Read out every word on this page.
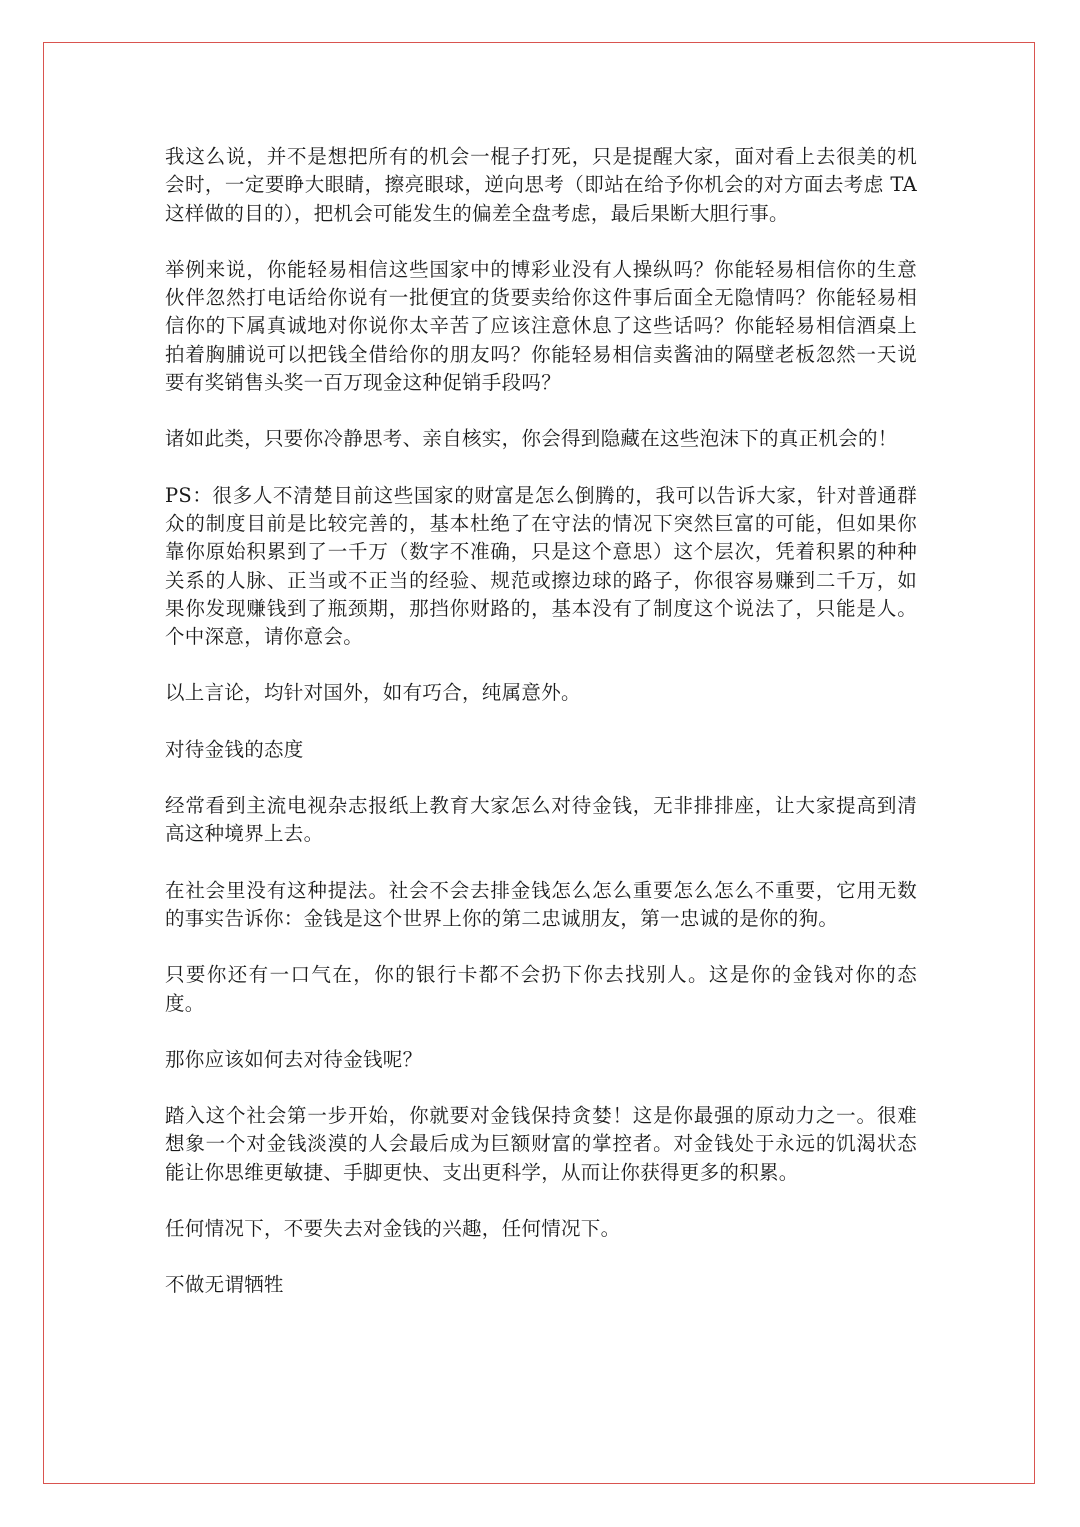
我这么说，并不是想把所有的机会一棍子打死，只是提醒大家，面对看上去很美的机会时，一定要睁大眼睛，擦亮眼球，逆向思考（即站在给予你机会的对方面去考虑 TA 这样做的目的），把机会可能发生的偏差全盘考虑，最后果断大胆行事。

举例来说，你能轻易相信这些国家中的博彩业没有人操纵吗？你能轻易相信你的生意伙伴忽然打电话给你说有一批便宜的货要卖给你这件事后面全无隐情吗？你能轻易相信你的下属真诚地对你说你太辛苦了应该注意休息了这些话吗？你能轻易相信酒桌上拍着胸脯说可以把钱全借给你的朋友吗？你能轻易相信卖酱油的隔壁老板忽然一天说要有奖销售头奖一百万现金这种促销手段吗？

诸如此类，只要你冷静思考、亲自核实，你会得到隐藏在这些泡沫下的真正机会的！

PS：很多人不清楚目前这些国家的财富是怎么倒腾的，我可以告诉大家，针对普通群众的制度目前是比较完善的，基本杜绝了在守法的情况下突然巨富的可能，但如果你靠你原始积累到了一千万（数字不准确，只是这个意思）这个层次，凭着积累的种种关系的人脉、正当或不正当的经验、规范或擦边球的路子，你很容易赚到二千万，如果你发现赚钱到了瓶颈期，那挡你财路的，基本没有了制度这个说法了，只能是人。个中深意，请你意会。

以上言论，均针对国外，如有巧合，纯属意外。

对待金钱的态度

经常看到主流电视杂志报纸上教育大家怎么对待金钱，无非排排座，让大家提高到清高这种境界上去。

在社会里没有这种提法。社会不会去排金钱怎么怎么重要怎么怎么不重要，它用无数的事实告诉你：金钱是这个世界上你的第二忠诚朋友，第一忠诚的是你的狗。

只要你还有一口气在，你的银行卡都不会扔下你去找别人。这是你的金钱对你的态度。

那你应该如何去对待金钱呢？

踏入这个社会第一步开始，你就要对金钱保持贪婪！这是你最强的原动力之一。很难想象一个对金钱淡漠的人会最后成为巨额财富的掌控者。对金钱处于永远的饥渴状态能让你思维更敏捷、手脚更快、支出更科学，从而让你获得更多的积累。

任何情况下，不要失去对金钱的兴趣，任何情况下。

不做无谓牺牲
